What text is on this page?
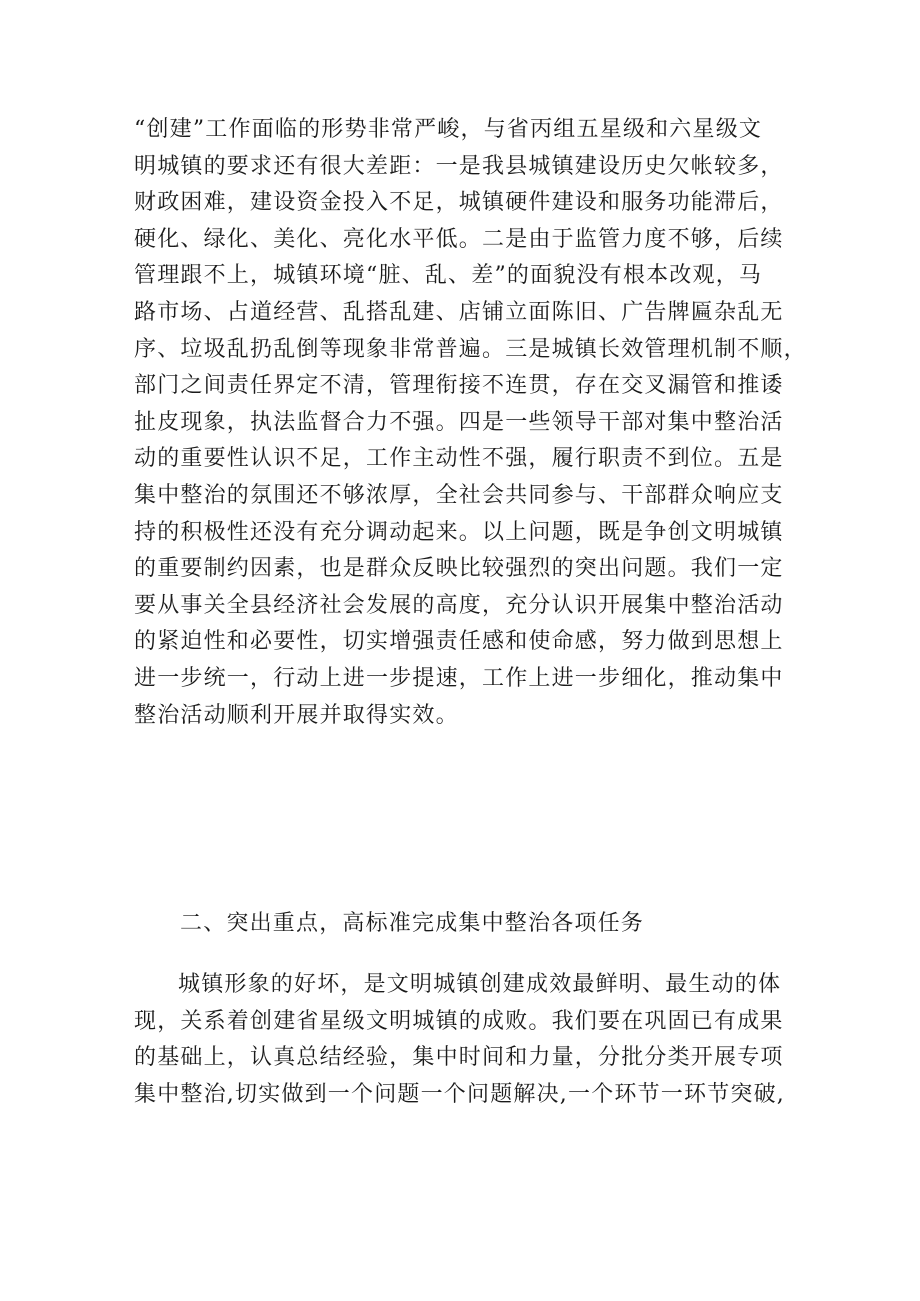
“创建”工作面临的形势非常严峻，与省丙组五星级和六星级文
明城镇的要求还有很大差距：一是我县城镇建设历史欠帐较多，
财政困难，建设资金投入不足，城镇硬件建设和服务功能滞后，
硬化、绿化、美化、亮化水平低。二是由于监管力度不够，后续
管理跟不上，城镇环境“脏、乱、差”的面貌没有根本改观，马
路市场、占道经营、乱搭乱建、店铺立面陈旧、广告牌匾杂乱无
序、垃圾乱扔乱倒等现象非常普遍。三是城镇长效管理机制不顺，
部门之间责任界定不清，管理衔接不连贯，存在交叉漏管和推诿
扯皮现象，执法监督合力不强。四是一些领导干部对集中整治活
动的重要性认识不足，工作主动性不强，履行职责不到位。五是
集中整治的氛围还不够浓厚，全社会共同参与、干部群众响应支
持的积极性还没有充分调动起来。以上问题，既是争创文明城镇
的重要制约因素，也是群众反映比较强烈的突出问题。我们一定
要从事关全县经济社会发展的高度，充分认识开展集中整治活动
的紧迫性和必要性，切实增强责任感和使命感，努力做到思想上
进一步统一，行动上进一步提速，工作上进一步细化，推动集中
整治活动顺利开展并取得实效。
二、突出重点，高标准完成集中整治各项任务
城镇形象的好坏，是文明城镇创建成效最鲜明、最生动的体
现，关系着创建省星级文明城镇的成败。我们要在巩固已有成果
的基础上，认真总结经验，集中时间和力量，分批分类开展专项
集中整治,切实做到一个问题一个问题解决,一个环节一环节突破,
